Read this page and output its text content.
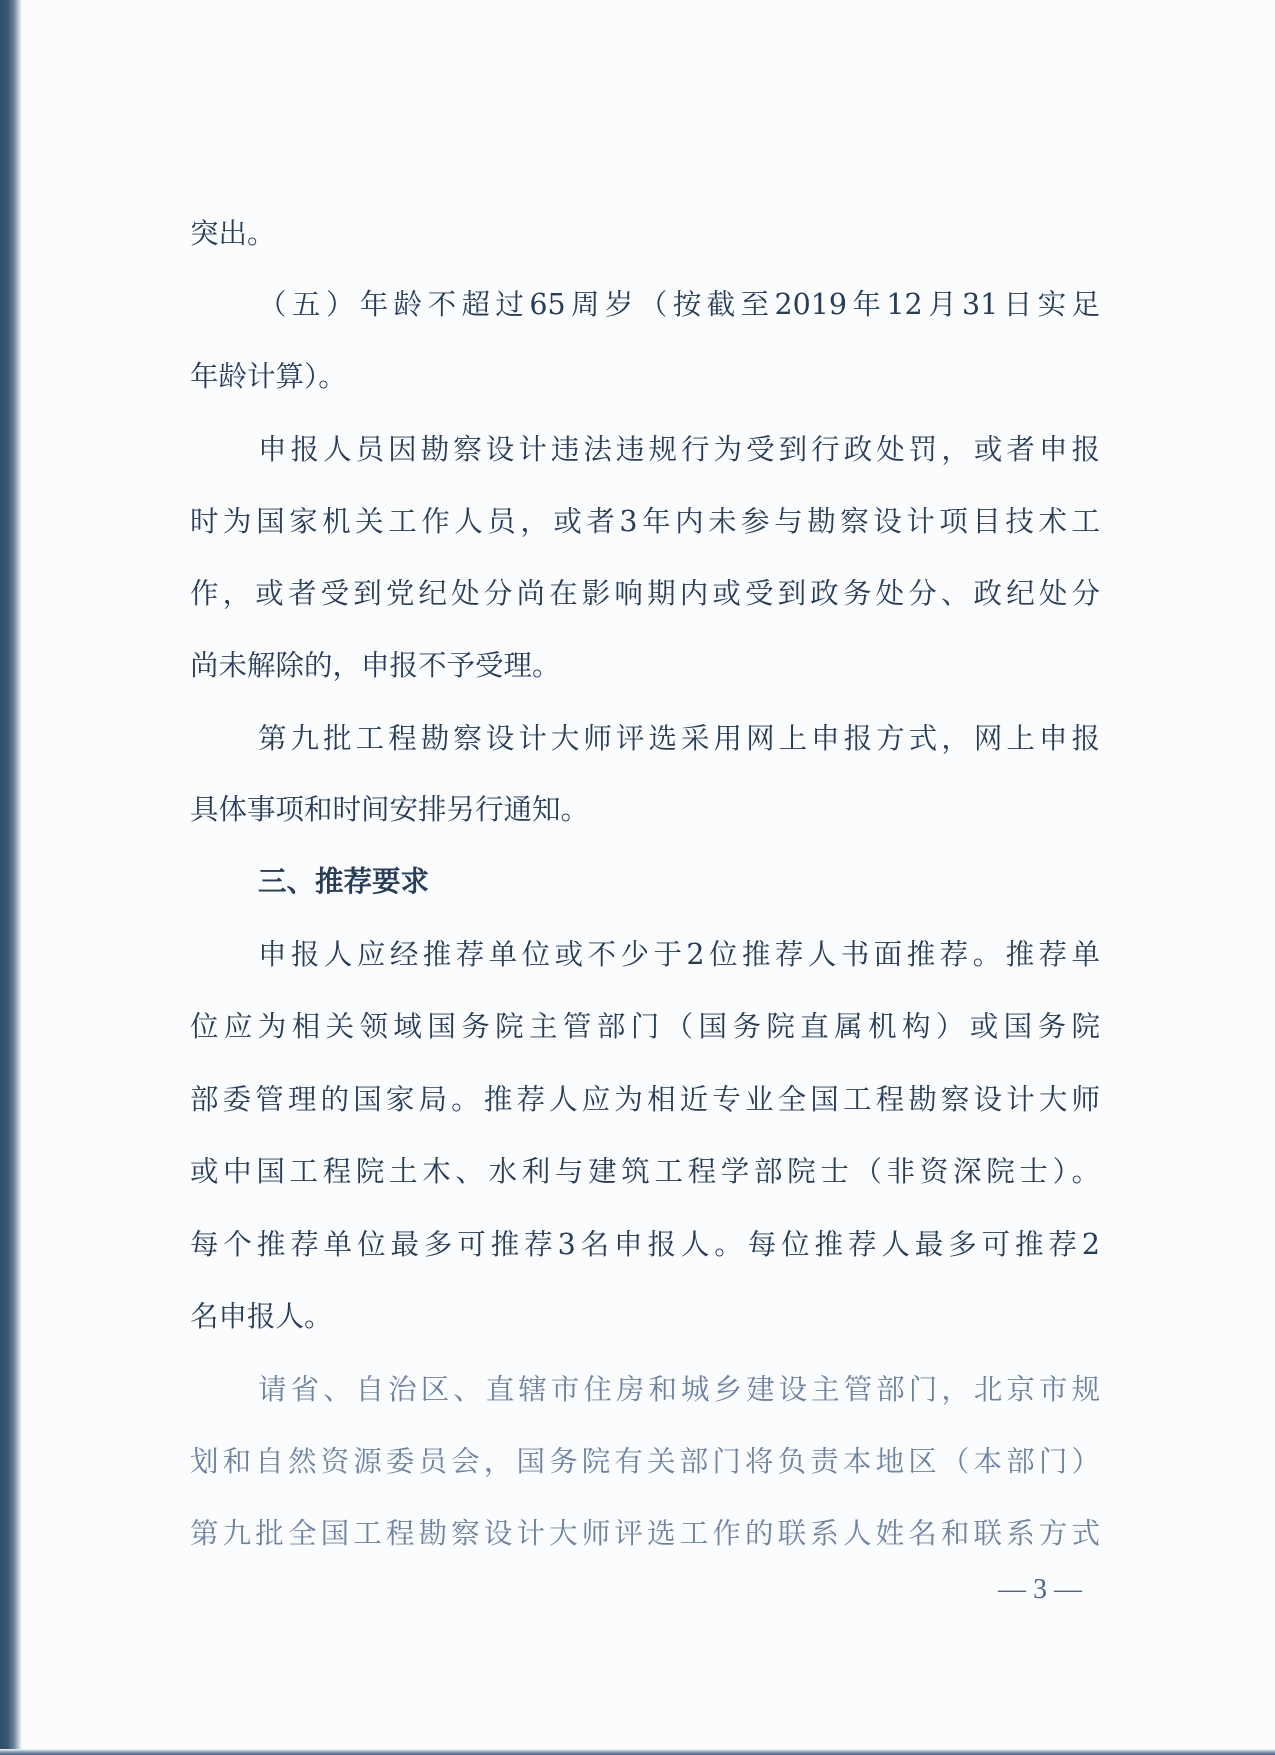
突出。
（五）年龄不超过65周岁（按截至2019年12月31日实足
年龄计算）。
申报人员因勘察设计违法违规行为受到行政处罚，或者申报
时为国家机关工作人员，或者3年内未参与勘察设计项目技术工
作，或者受到党纪处分尚在影响期内或受到政务处分、政纪处分
尚未解除的，申报不予受理。
第九批工程勘察设计大师评选采用网上申报方式，网上申报
具体事项和时间安排另行通知。
三、推荐要求
申报人应经推荐单位或不少于2位推荐人书面推荐。推荐单
位应为相关领域国务院主管部门（国务院直属机构）或国务院
部委管理的国家局。推荐人应为相近专业全国工程勘察设计大师
或中国工程院土木、水利与建筑工程学部院士（非资深院士）。
每个推荐单位最多可推荐3名申报人。每位推荐人最多可推荐2
名申报人。
请省、自治区、直辖市住房和城乡建设主管部门，北京市规
划和自然资源委员会，国务院有关部门将负责本地区（本部门）
第九批全国工程勘察设计大师评选工作的联系人姓名和联系方式
— 3 —
